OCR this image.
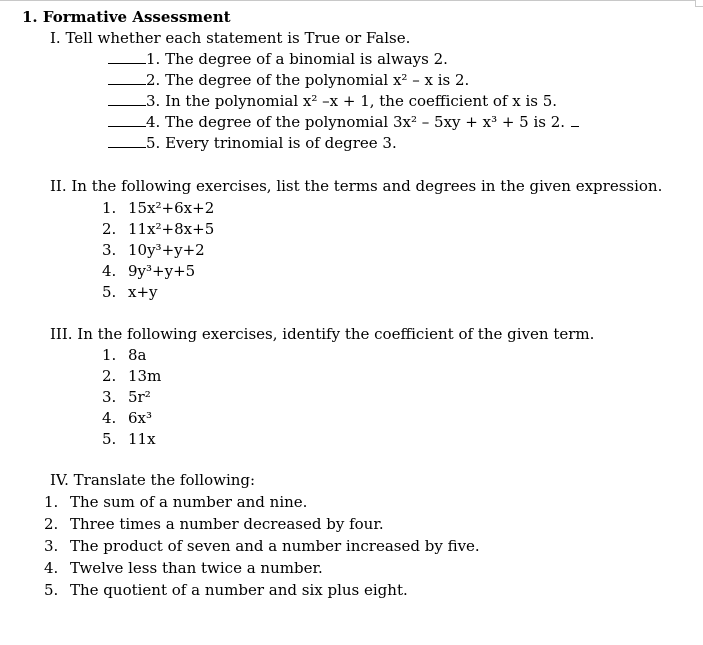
1. Formative Assessment
I. Tell whether each statement is True or False.
1. The degree of a binomial is always 2.
2. The degree of the polynomial x² – x is 2.
3. In the polynomial x² –x + 1, the coefficient of x is 5.
4. The degree of the polynomial 3x² – 5xy + x³ + 5 is 2.
5. Every trinomial is of degree 3.
II. In the following exercises, list the terms and degrees in the given expression.
1. 15x²+6x+2
2. 11x²+8x+5
3. 10y³+y+2
4. 9y³+y+5
5. x+y
III. In the following exercises, identify the coefficient of the given term.
1. 8a
2. 13m
3. 5r²
4. 6x³
5. 11x
IV. Translate the following:
1. The sum of a number and nine.
2. Three times a number decreased by four.
3. The product of seven and a number increased by five.
4. Twelve less than twice a number.
5. The quotient of a number and six plus eight.
